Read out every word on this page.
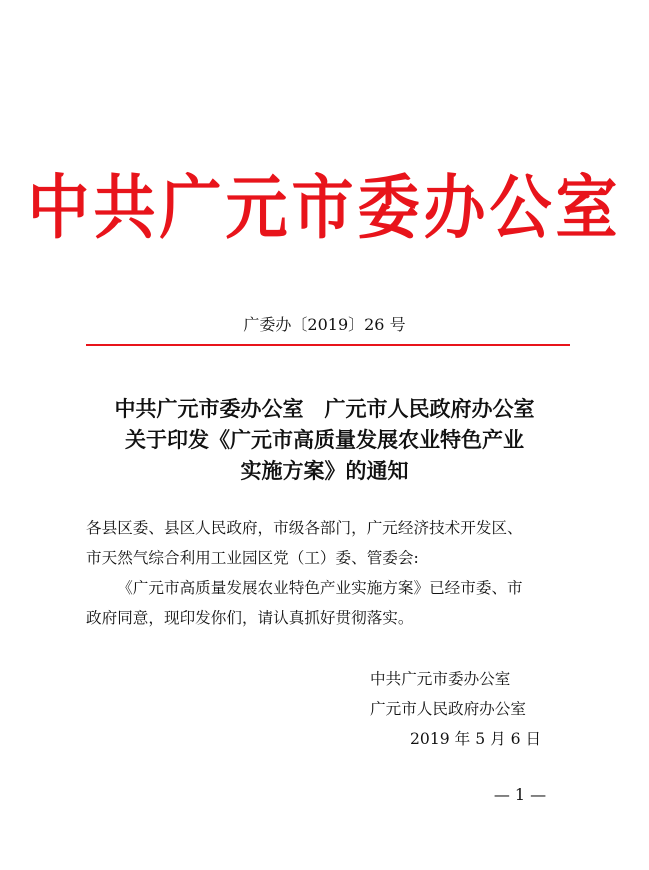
中共广元市委办公室
广委办〔2019〕26 号
中共广元市委办公室　广元市人民政府办公室
关于印发《广元市高质量发展农业特色产业
实施方案》的通知

各县区委、县区人民政府，市级各部门，广元经济技术开发区、

市天然气综合利用工业园区党（工）委、管委会:

《广元市高质量发展农业特色产业实施方案》已经市委、市

政府同意，现印发你们，请认真抓好贯彻落实。

中共广元市委办公室
广元市人民政府办公室
2019 年 5 月 6 日
— 1 —
